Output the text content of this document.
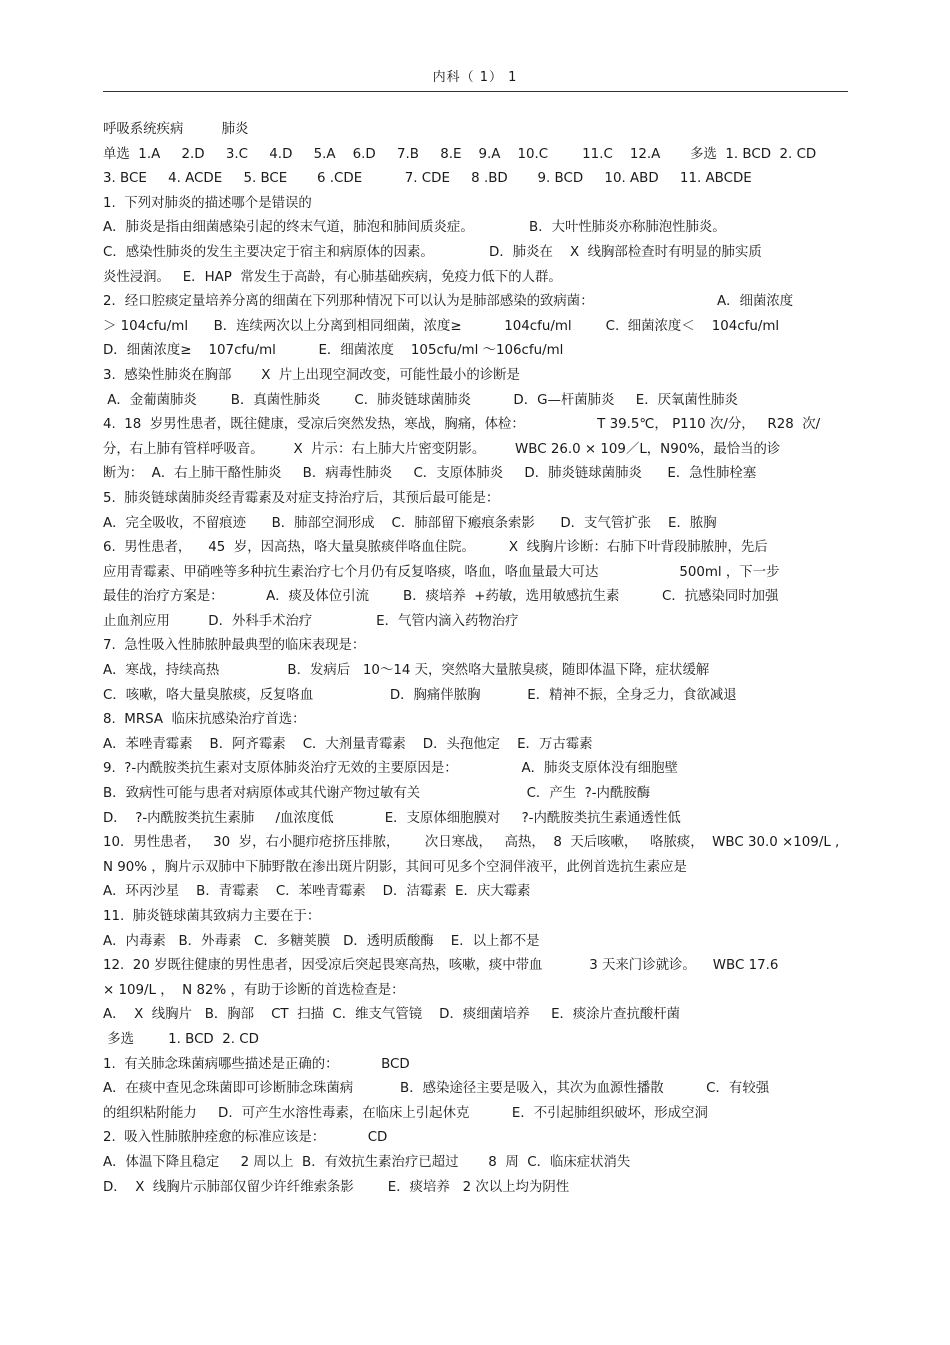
内科（ 1） 1
呼吸系统疾病         肺炎
单选  1.A     2.D     3.C     4.D     5.A    6.D     7.B     8.E    9.A    10.C        11.C    12.A       多选  1. BCD  2. CD
3. BCE     4. ACDE     5. BCE       6 .CDE          7. CDE     8 .BD       9. BCD     10. ABD     11. ABCDE
1.  下列对肺炎的描述哪个是错误的
A．肺炎是指由细菌感染引起的终末气道，肺泡和肺间质炎症。             B．大叶性肺炎亦称肺泡性肺炎。
C．感染性肺炎的发生主要决定于宿主和病原体的因素。             D．肺炎在    X  线胸部检查时有明显的肺实质
炎性浸润。   E．HAP  常发生于高龄，有心肺基础疾病，免疫力低下的人群。
2．经口腔痰定量培养分离的细菌在下列那种情况下可以认为是肺部感染的致病菌：                             A．细菌浓度
＞ 104cfu/ml      B．连续两次以上分离到相同细菌，浓度≥          104cfu/ml        C.  细菌浓度＜    104cfu/ml
D．细菌浓度≥    107cfu/ml          E．细菌浓度    105cfu/ml ～106cfu/ml
3.  感染性肺炎在胸部       X  片上出现空洞改变，可能性最小的诊断是
A．金葡菌肺炎        B．真菌性肺炎        C．肺炎链球菌肺炎          D．G—杆菌肺炎     E．厌氧菌性肺炎
4.  18  岁男性患者，既往健康，受凉后突然发热，寒战，胸痛，体检：                 T 39.5℃， P110 次/分，   R28  次/
分，右上肺有管样呼吸音。       X  片示：右上肺大片密变阴影。       WBC 26.0 × 109／L，N90%，最恰当的诊
断为：  A．右上肺干酪性肺炎     B．病毒性肺炎     C．支原体肺炎     D．肺炎链球菌肺炎      E．急性肺栓塞
5.  肺炎链球菌肺炎经青霉素及对症支持治疗后，其预后最可能是：
A．完全吸收，不留痕迹      B．肺部空洞形成    C．肺部留下瘢痕条索影      D．支气管扩张    E．脓胸
6.  男性患者，    45  岁，因高热，咯大量臭脓痰伴咯血住院。        X  线胸片诊断：右肺下叶背段肺脓肿，先后
应用青霉素、甲硝唑等多种抗生素治疗七个月仍有反复咯痰，咯血，咯血量最大可达                   500ml ，下一步
最佳的治疗方案是：          A．痰及体位引流        B．痰培养  +药敏，选用敏感抗生素          C．抗感染同时加强
止血剂应用         D．外科手术治疗               E．气管内滴入药物治疗
7.  急性吸入性肺脓肿最典型的临床表现是：
A．寒战，持续高热                B．发病后   10～14 天，突然咯大量脓臭痰，随即体温下降，症状缓解
C．咳嗽，咯大量臭脓痰，反复咯血                  D．胸痛伴脓胸           E．精神不振，全身乏力，食欲减退
8.  MRSA  临床抗感染治疗首选：
A．苯唑青霉素    B．阿齐霉素    C．大剂量青霉素    D．头孢他定    E．万古霉素
9.  ?-内酰胺类抗生素对支原体肺炎治疗无效的主要原因是：               A．肺炎支原体没有细胞壁
B．致病性可能与患者对病原体或其代谢产物过敏有关                         C．产生  ?-内酰胺酶
D．  ?-内酰胺类抗生素肺     /血浓度低            E．支原体细胞膜对     ?-内酰胺类抗生素通透性低
10．男性患者，   30  岁，右小腿疖疮挤压排脓，      次日寒战，   高热，  8  天后咳嗽，   咯脓痰，  WBC 30.0 ×109/L ,
N 90% ，胸片示双肺中下肺野散在渗出斑片阴影，其间可见多个空洞伴液平，此例首选抗生素应是
A．环丙沙星    B．青霉素    C．苯唑青霉素    D．洁霉素  E．庆大霉素
11.  肺炎链球菌其致病力主要在于：
A．内毒素   B．外毒素   C．多糖荚膜   D．透明质酸酶    E．以上都不是
12.  20 岁既往健康的男性患者，因受凉后突起畏寒高热，咳嗽，痰中带血           3 天来门诊就诊。    WBC 17.6
× 109/L ，  N 82% ，有助于诊断的首选检查是：
A．  X  线胸片   B．胸部    CT  扫描  C．维支气管镜    D．痰细菌培养     E．痰涂片查抗酸杆菌
多选        1. BCD  2. CD
1.  有关肺念珠菌病哪些描述是正确的：          BCD
A．在痰中查见念珠菌即可诊断肺念珠菌病           B．感染途径主要是吸入，其次为血源性播散          C．有较强
的组织粘附能力     D．可产生水溶性毒素，在临床上引起休克          E．不引起肺组织破坏，形成空洞
2.  吸入性肺脓肿痊愈的标准应该是：          CD
A．体温下降且稳定     2 周以上  B．有效抗生素治疗已超过       8  周  C．临床症状消失
D．  X  线胸片示肺部仅留少许纤维索条影        E．痰培养   2 次以上均为阴性
